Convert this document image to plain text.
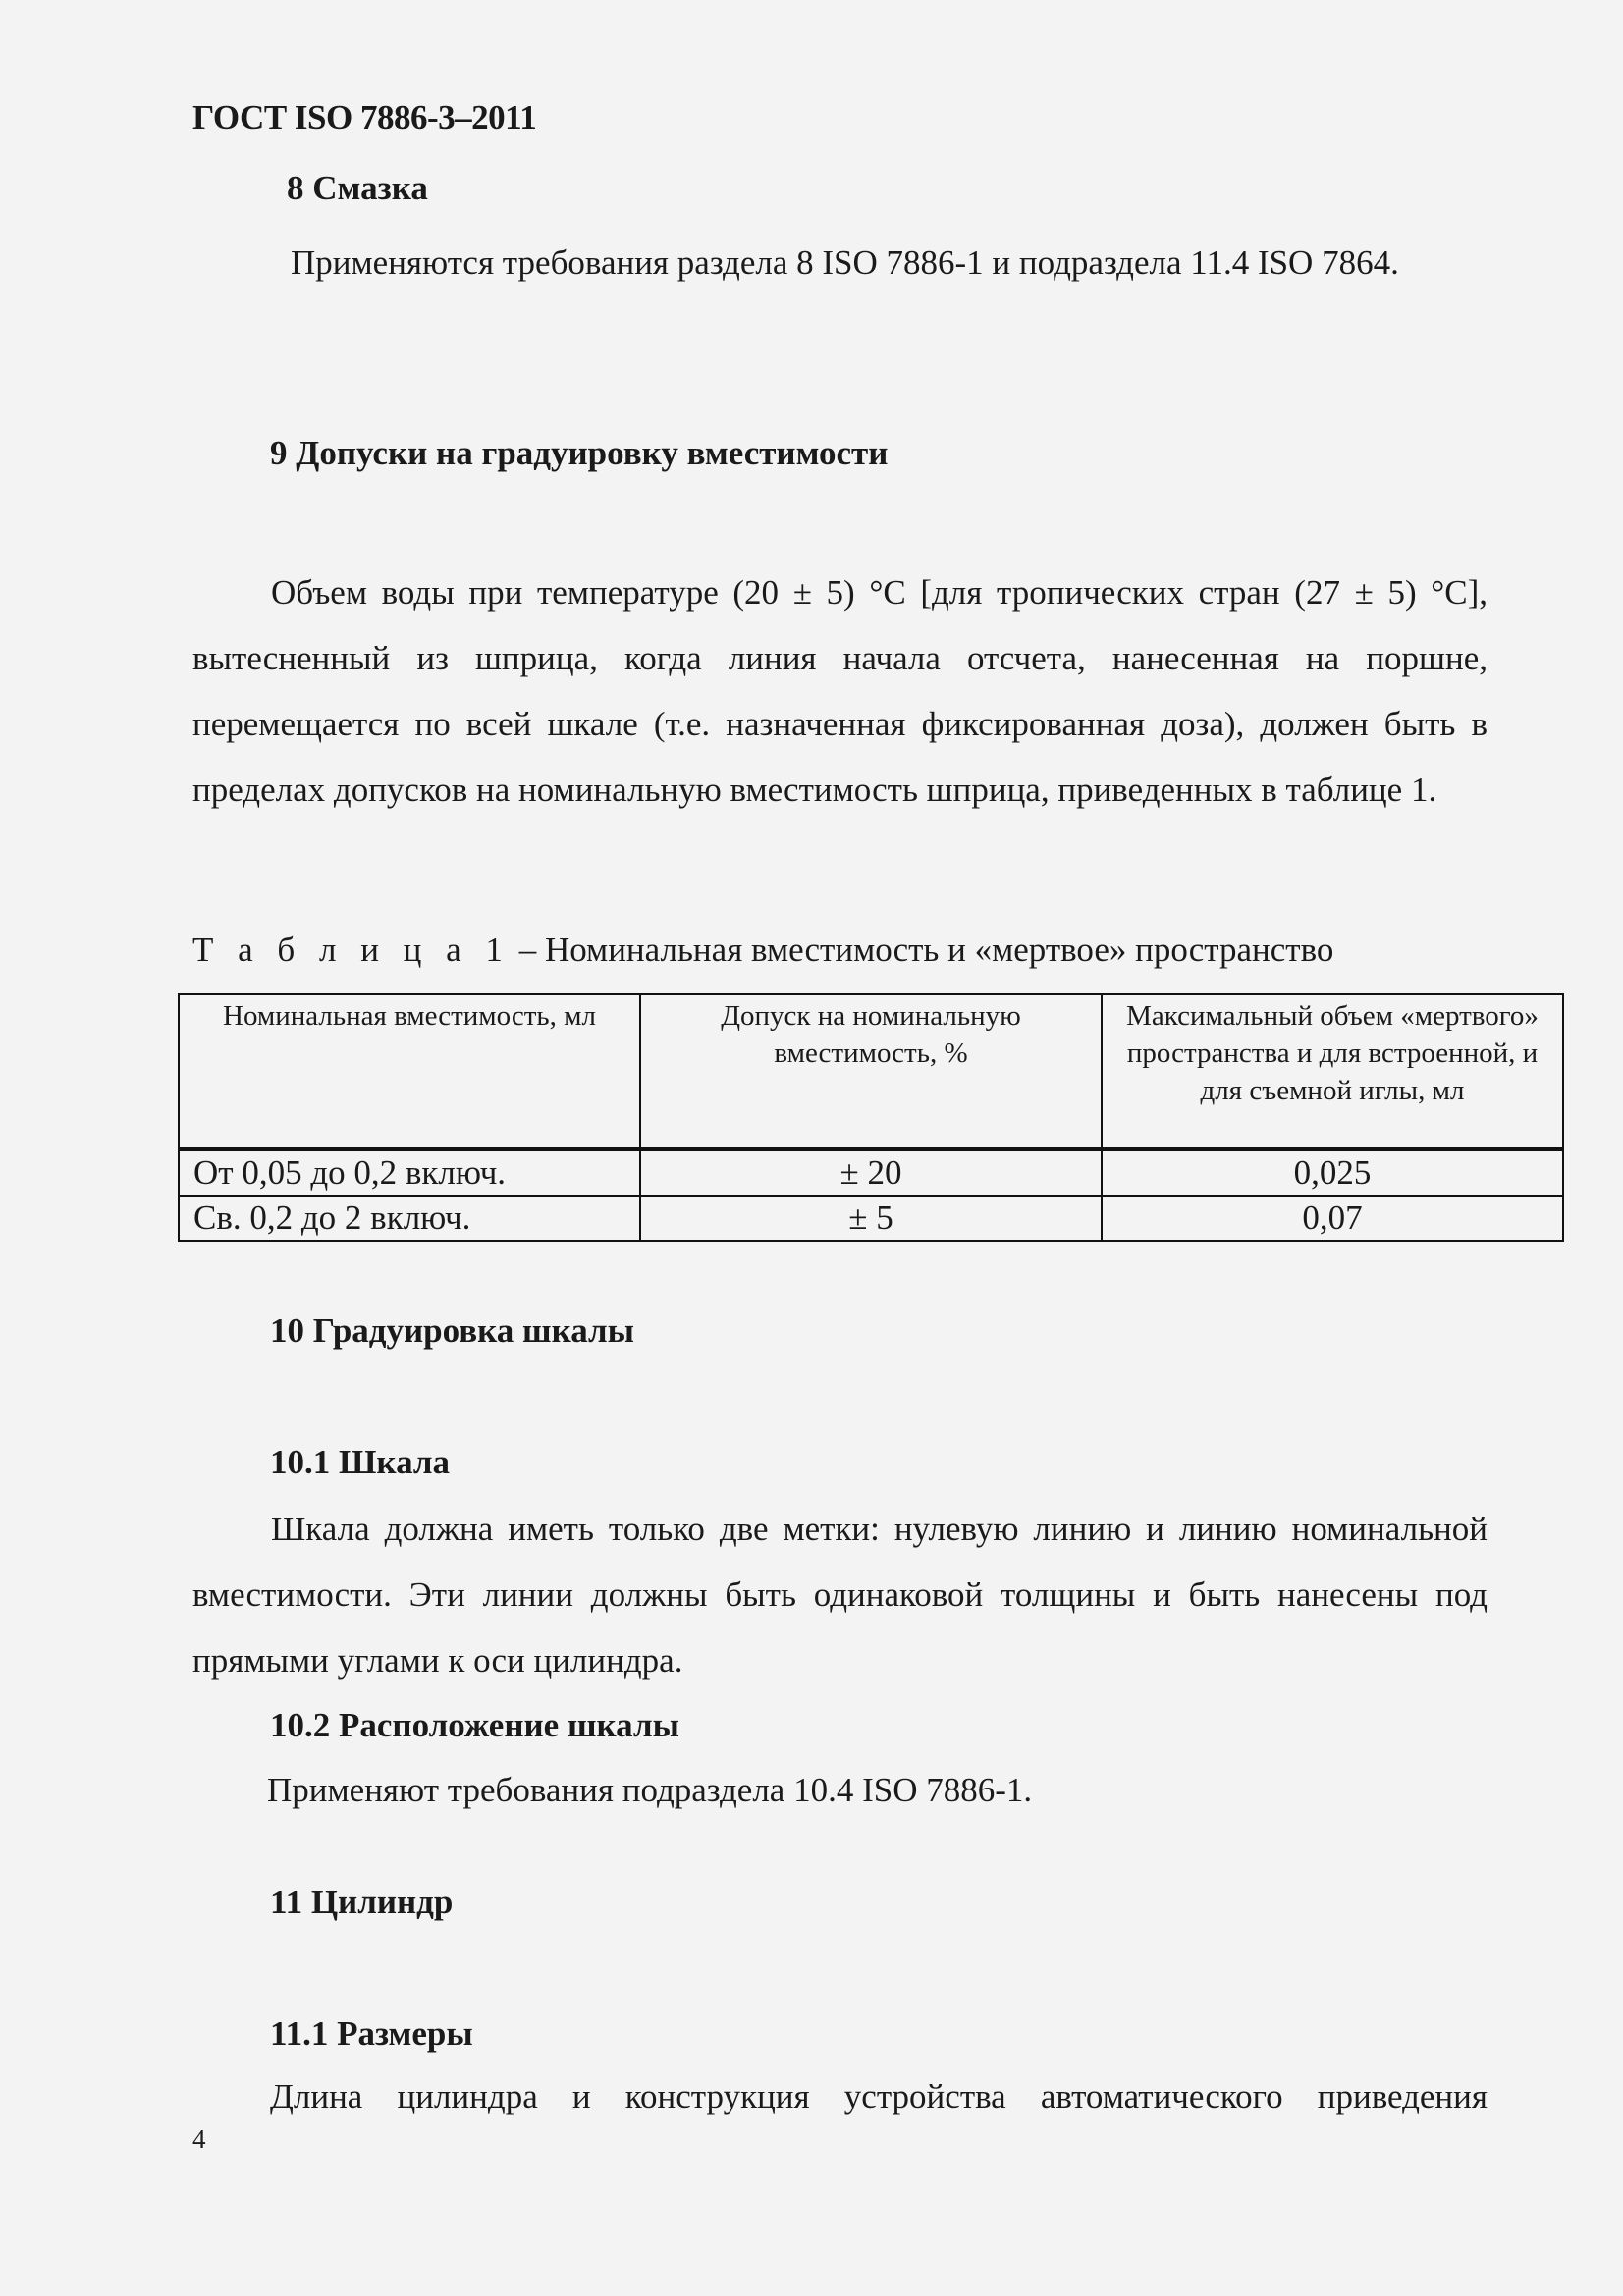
ГОСТ ISO 7886-3–2011
8 Смазка

Применяются требования раздела 8 ISO 7886-1 и подраздела 11.4 ISO 7864.

9 Допуски на градуировку вместимости

Объем воды при температуре (20 ± 5) °C [для тропических стран (27 ± 5) °C], вытесненный из шприца, когда линия начала отсчета, нанесенная на поршне, перемещается по всей шкале (т.е. назначенная фиксированная доза), должен быть в пределах допусков на номинальную вместимость шприца, приведенных в таблице 1.

Т а б л и ц а 1 – Номинальная вместимость и «мертвое» пространство
Номинальная вместимость, мл	Допуск на номинальную вместимость, %	Максимальный объем «мертвого» пространства и для встроенной, и для съемной иглы, мл
От 0,05 до 0,2 включ.	± 20	0,025
Св. 0,2 до 2 включ.	± 5	0,07
10 Градуировка шкалы
10.1 Шкала

Шкала должна иметь только две метки: нулевую линию и линию номинальной вместимости. Эти линии должны быть одинаковой толщины и быть нанесены под прямыми углами к оси цилиндра.

10.2 Расположение шкалы
Применяют требования подраздела 10.4 ISO 7886-1.
11 Цилиндр
11.1 Размеры
Длина цилиндра и конструкция устройства автоматического приведения
4
